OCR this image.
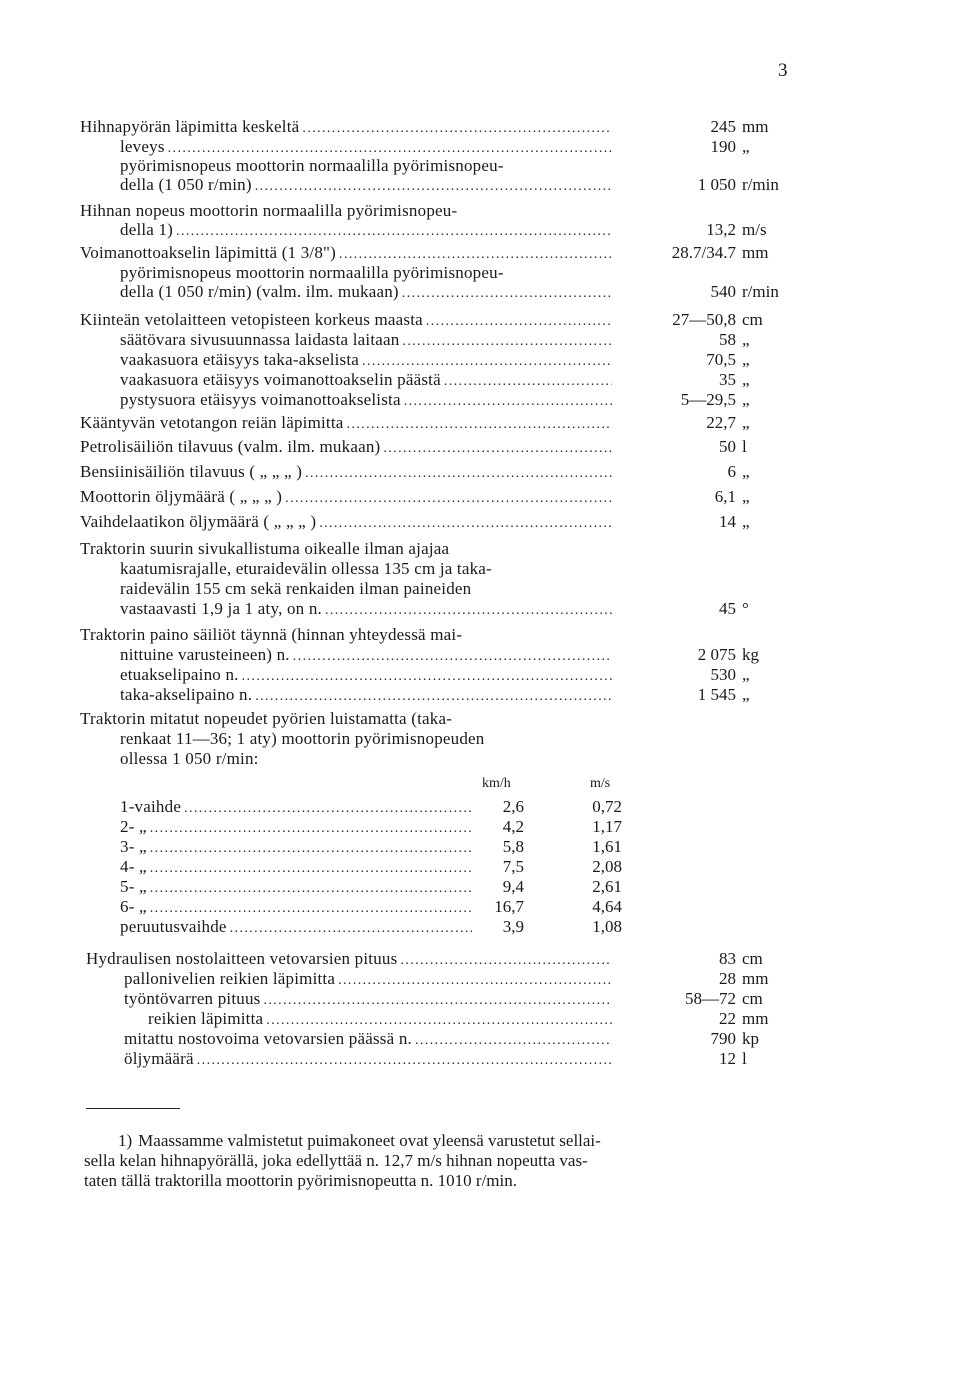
3
Hihnapyörän läpimitta keskeltä .....	245 mm
leveys .....	190 „
pyörimisnopeus moottorin normaalilla pyörimisnopeu-
della (1 050 r/min) .....	1 050 r/min
Hihnan nopeus moottorin normaalilla pyörimisnopeu-
della 1) .....	13,2 m/s
Voimanottoakselin läpimittä (1 3/8") .....	28.7/34.7 mm
pyörimisnopeus moottorin normaalilla pyörimisnopeu-
della (1 050 r/min) (valm. ilm. mukaan) .....	540 r/min
Kiinteän vetolaitteen vetopisteen korkeus maasta .....	27—50,8 cm
säätövara sivusuunnassa laidasta laitaan .....	58 „
vaakasuora etäisyys taka-akselista .....	70,5 „
vaakasuora etäisyys voimanottoakselin päästä .....	35 „
pystysuora etäisyys voimanottoakselista .....	5—29,5 „
Kääntyvän vetotangon reiän läpimitta .....	22,7 „
Petrolisäiliön tilavuus (valm. ilm. mukaan) .....	50 l
Bensiinisäiliön tilavuus ( „ „ „ ) .....	6 „
Moottorin öljymäärä ( „ „ „ ) .....	6,1 „
Vaihdelaatikon öljymäärä ( „ „ „ ) .....	14 „
Traktorin suurin sivukallistuma oikealle ilman ajajaa
kaatumisrajalle, eturaidevälin ollessa 135 cm ja taka-
raidevälin 155 cm sekä renkaiden ilman paineiden
vastaavasti 1,9 ja 1 aty, on n. .....	45 °
Traktorin paino säiliöt täynnä (hinnan yhteydessä mai-
nittuine varusteineen) n. .....	2 075 kg
etuakselipaino n. .....	530 „
taka-akselipaino n. .....	1 545 „
Traktorin mitatut nopeudet pyörien luistamatta (taka-
renkaat 11—36; 1 aty) moottorin pyörimisnopeuden
ollessa 1 050 r/min:
km/h	m/s
1-vaihde .....	2,6	0,72
2- „ .....	4,2	1,17
3- „ .....	5,8	1,61
4- „ .....	7,5	2,08
5- „ .....	9,4	2,61
6- „ .....	16,7	4,64
peruutusvaihde .....	3,9	1,08
Hydraulisen nostolaitteen vetovarsien pituus .....	83 cm
pallonivelien reikien läpimitta .....	28 mm
työntövarren pituus .....	58—72 cm
reikien läpimitta .....	22 mm
mitattu nostovoima vetovarsien päässä n. .....	790 kp
öljymäärä .....	12 l
1) Maassamme valmistetut puimakoneet ovat yleensä varustetut sellai-
sella kelan hihnapyörällä, joka edellyttää n. 12,7 m/s hihnan nopeutta vas-
taten tällä traktorilla moottorin pyörimisnopeutta n. 1010 r/min.
